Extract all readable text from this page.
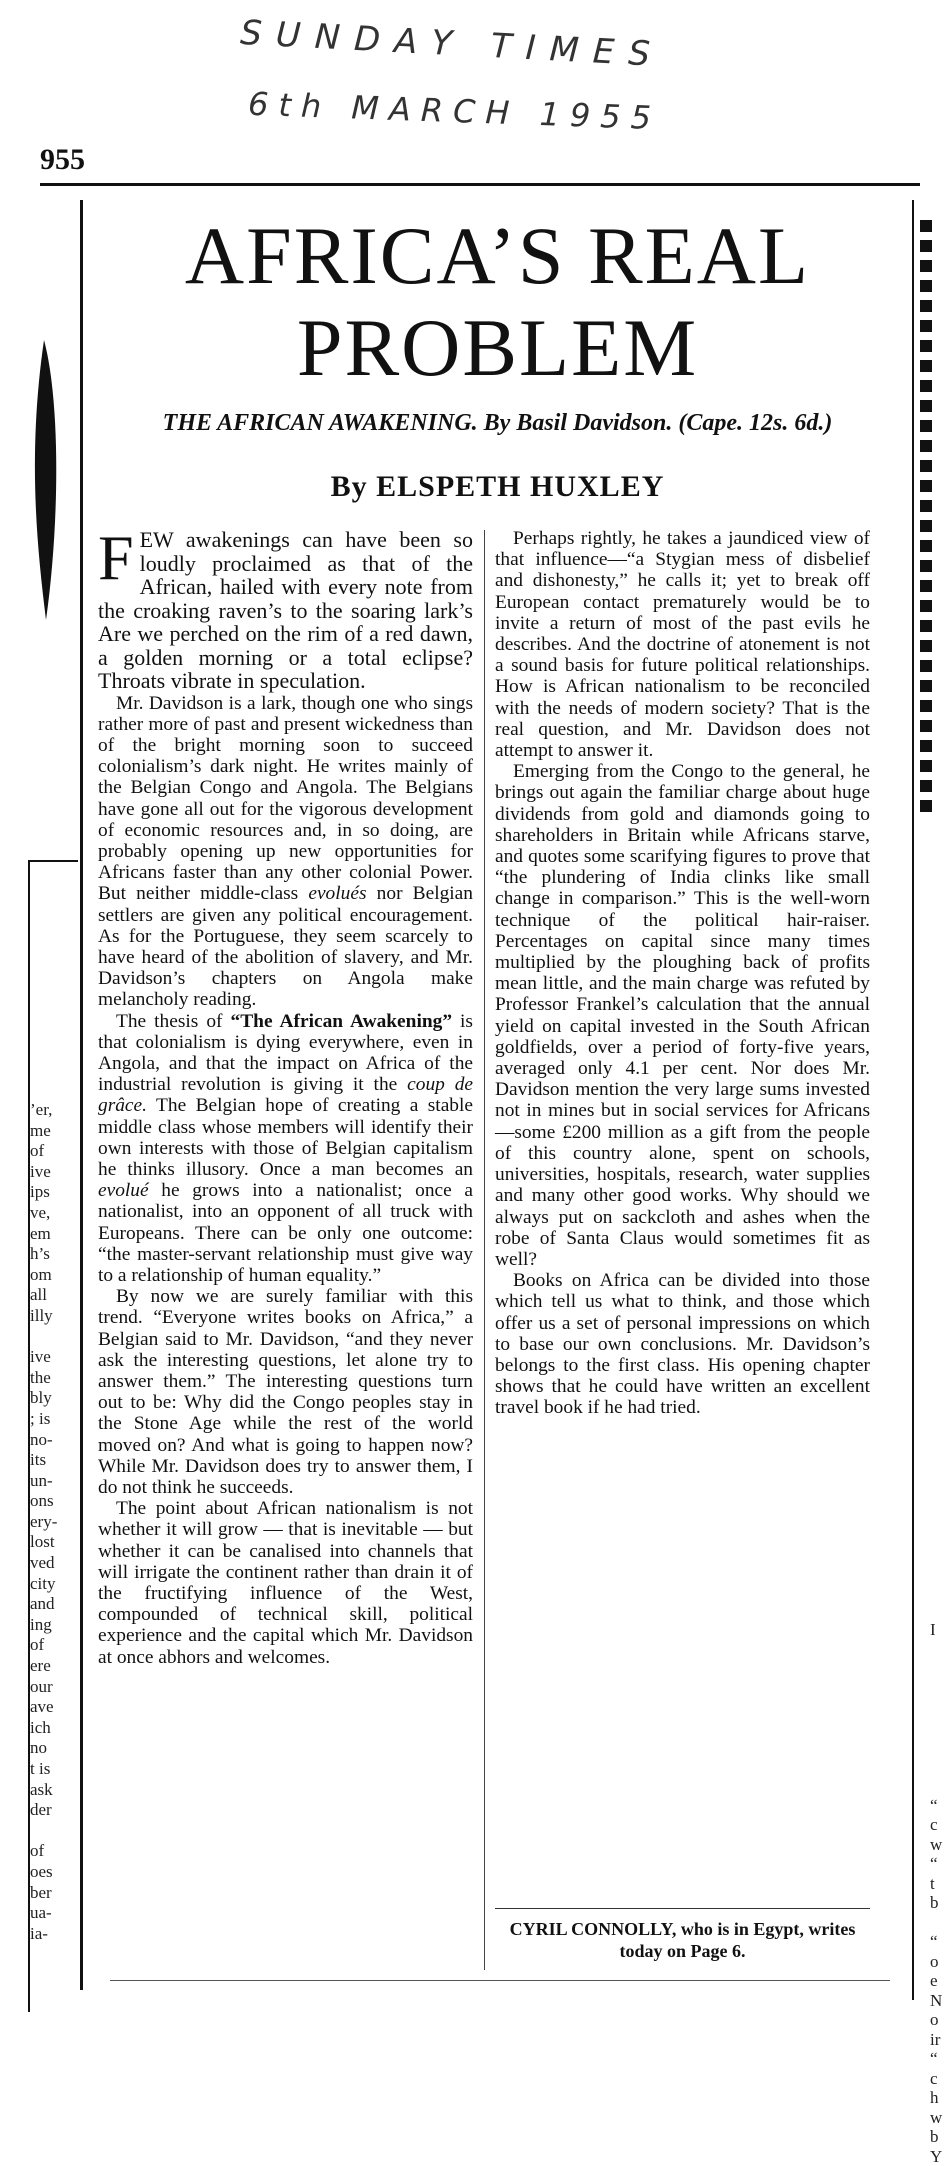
SUNDAY TIMES
6th MARCH 1955
955
’er,
me
of
ive
ips
ve,
em
h’s
om
all
illy

ive
the
bly
; is
no-
its
un-
ons
ery-
lost
ved
city
and
ing
of
ere
our
ave
ich
no
t is
ask
der

of
oes
ber
ua-
ia-
I

“
c
w
“
t
b

“
o
e
N
o
ir
“
c
h
w
b
Y
AFRICA’S REAL
PROBLEM
THE AFRICAN AWAKENING. By Basil Davidson. (Cape. 12s. 6d.)
By ELSPETH HUXLEY

FEW awakenings can have been so loudly proclaimed as that of the African, hailed with every note from the croaking raven’s to the soaring lark’s Are we perched on the rim of a red dawn, a golden morning or a total eclipse? Throats vibrate in speculation.

Mr. Davidson is a lark, though one who sings rather more of past and present wickedness than of the bright morning soon to succeed colonialism’s dark night. He writes mainly of the Belgian Congo and Angola. The Belgians have gone all out for the vigorous development of economic resources and, in so doing, are probably opening up new opportunities for Africans faster than any other colonial Power. But neither middle-class evolués nor Belgian settlers are given any political encouragement. As for the Portuguese, they seem scarcely to have heard of the abolition of slavery, and Mr. Davidson’s chapters on Angola make melancholy reading.

The thesis of “The African Awakening” is that colonialism is dying everywhere, even in Angola, and that the impact on Africa of the industrial revolution is giving it the coup de grâce. The Belgian hope of creating a stable middle class whose members will identify their own interests with those of Belgian capitalism he thinks illusory. Once a man becomes an evolué he grows into a nationalist; once a nationalist, into an opponent of all truck with Europeans. There can be only one outcome: “the master-servant relationship must give way to a relationship of human equality.”

By now we are surely familiar with this trend. “Everyone writes books on Africa,” a Belgian said to Mr. Davidson, “and they never ask the interesting questions, let alone try to answer them.” The interesting questions turn out to be: Why did the Congo peoples stay in the Stone Age while the rest of the world moved on? And what is going to happen now? While Mr. Davidson does try to answer them, I do not think he succeeds.

The point about African nationalism is not whether it will grow — that is inevitable — but whether it can be canalised into channels that will irrigate the continent rather than drain it of the fructifying influence of the West, compounded of technical skill, political experience and the capital which Mr. Davidson at once abhors and welcomes.

Perhaps rightly, he takes a jaundiced view of that influence—“a Stygian mess of disbelief and dishonesty,” he calls it; yet to break off European contact prematurely would be to invite a return of most of the past evils he describes. And the doctrine of atonement is not a sound basis for future political relationships. How is African nationalism to be reconciled with the needs of modern society? That is the real question, and Mr. Davidson does not attempt to answer it.

Emerging from the Congo to the general, he brings out again the familiar charge about huge dividends from gold and diamonds going to shareholders in Britain while Africans starve, and quotes some scarifying figures to prove that “the plundering of India clinks like small change in comparison.” This is the well-worn technique of the political hair-raiser. Percentages on capital since many times multiplied by the ploughing back of profits mean little, and the main charge was refuted by Professor Frankel’s calculation that the annual yield on capital invested in the South African goldfields, over a period of forty-five years, averaged only 4.1 per cent. Nor does Mr. Davidson mention the very large sums invested not in mines but in social services for Africans—some £200 million as a gift from the people of this country alone, spent on schools, universities, hospitals, research, water supplies and many other good works. Why should we always put on sackcloth and ashes when the robe of Santa Claus would sometimes fit as well?

Books on Africa can be divided into those which tell us what to think, and those which offer us a set of personal impressions on which to base our own conclusions. Mr. Davidson’s belongs to the first class. His opening chapter shows that he could have written an excellent travel book if he had tried.

CYRIL CONNOLLY, who is in Egypt, writes today on Page 6.
